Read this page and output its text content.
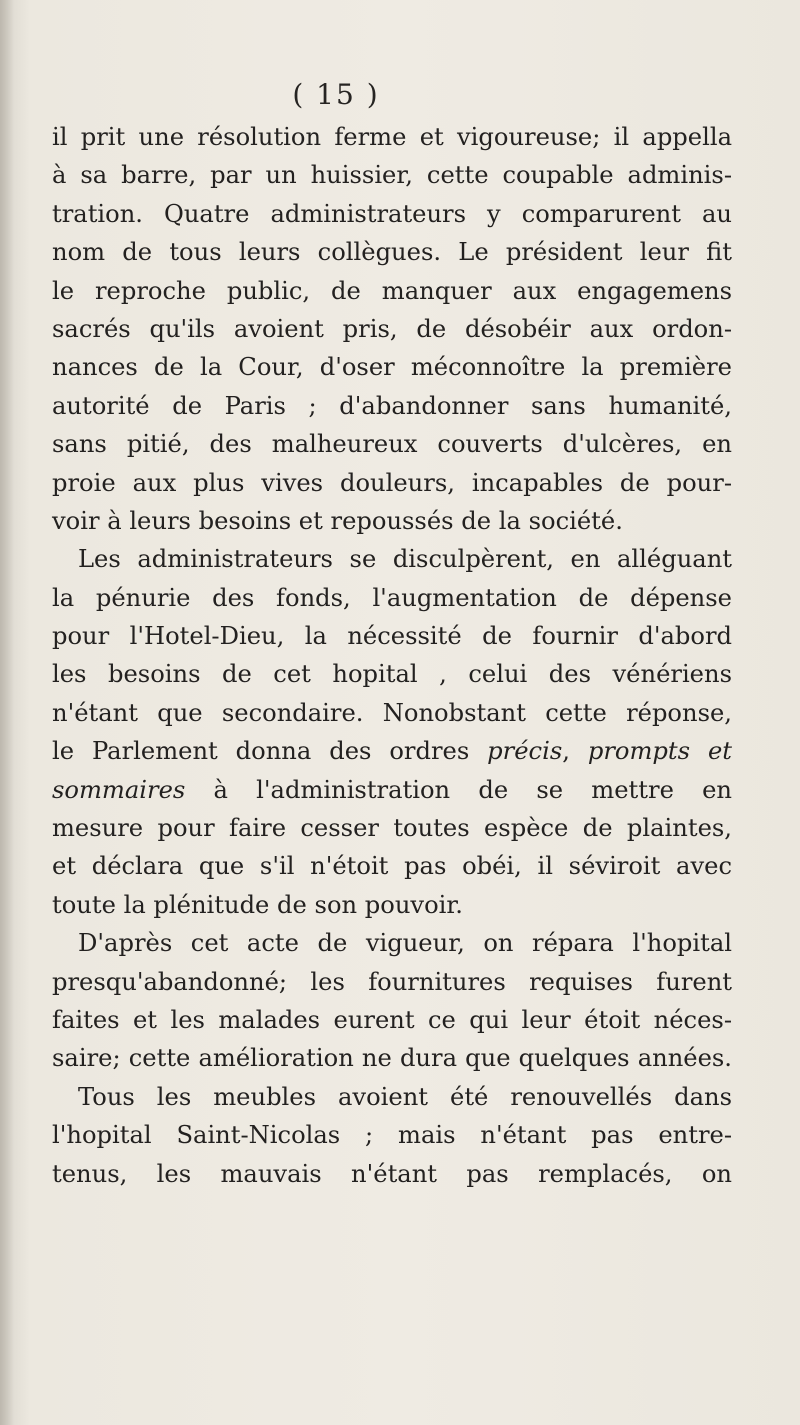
( 15 )
il prit une résolution ferme et vigoureuse; il appella
à sa barre, par un huissier, cette coupable adminis-
tration. Quatre administrateurs y comparurent au
nom de tous leurs collègues. Le président leur fit
le reproche public, de manquer aux engagemens
sacrés qu'ils avoient pris, de désobéir aux ordon-
nances de la Cour, d'oser méconnoître la première
autorité de Paris ; d'abandonner sans humanité,
sans pitié, des malheureux couverts d'ulcères, en
proie aux plus vives douleurs, incapables de pour-
voir à leurs besoins et repoussés de la société.
Les administrateurs se disculpèrent, en alléguant
la pénurie des fonds, l'augmentation de dépense
pour l'Hotel-Dieu, la nécessité de fournir d'abord
les besoins de cet hopital , celui des vénériens
n'étant que secondaire. Nonobstant cette réponse,
le Parlement donna des ordres précis, prompts et
sommaires à l'administration de se mettre en
mesure pour faire cesser toutes espèce de plaintes,
et déclara que s'il n'étoit pas obéi, il séviroit avec
toute la plénitude de son pouvoir.
D'après cet acte de vigueur, on répara l'hopital
presqu'abandonné; les fournitures requises furent
faites et les malades eurent ce qui leur étoit néces-
saire; cette amélioration ne dura que quelques années.
Tous les meubles avoient été renouvellés dans
l'hopital Saint-Nicolas ; mais n'étant pas entre-
tenus, les mauvais n'étant pas remplacés, on
